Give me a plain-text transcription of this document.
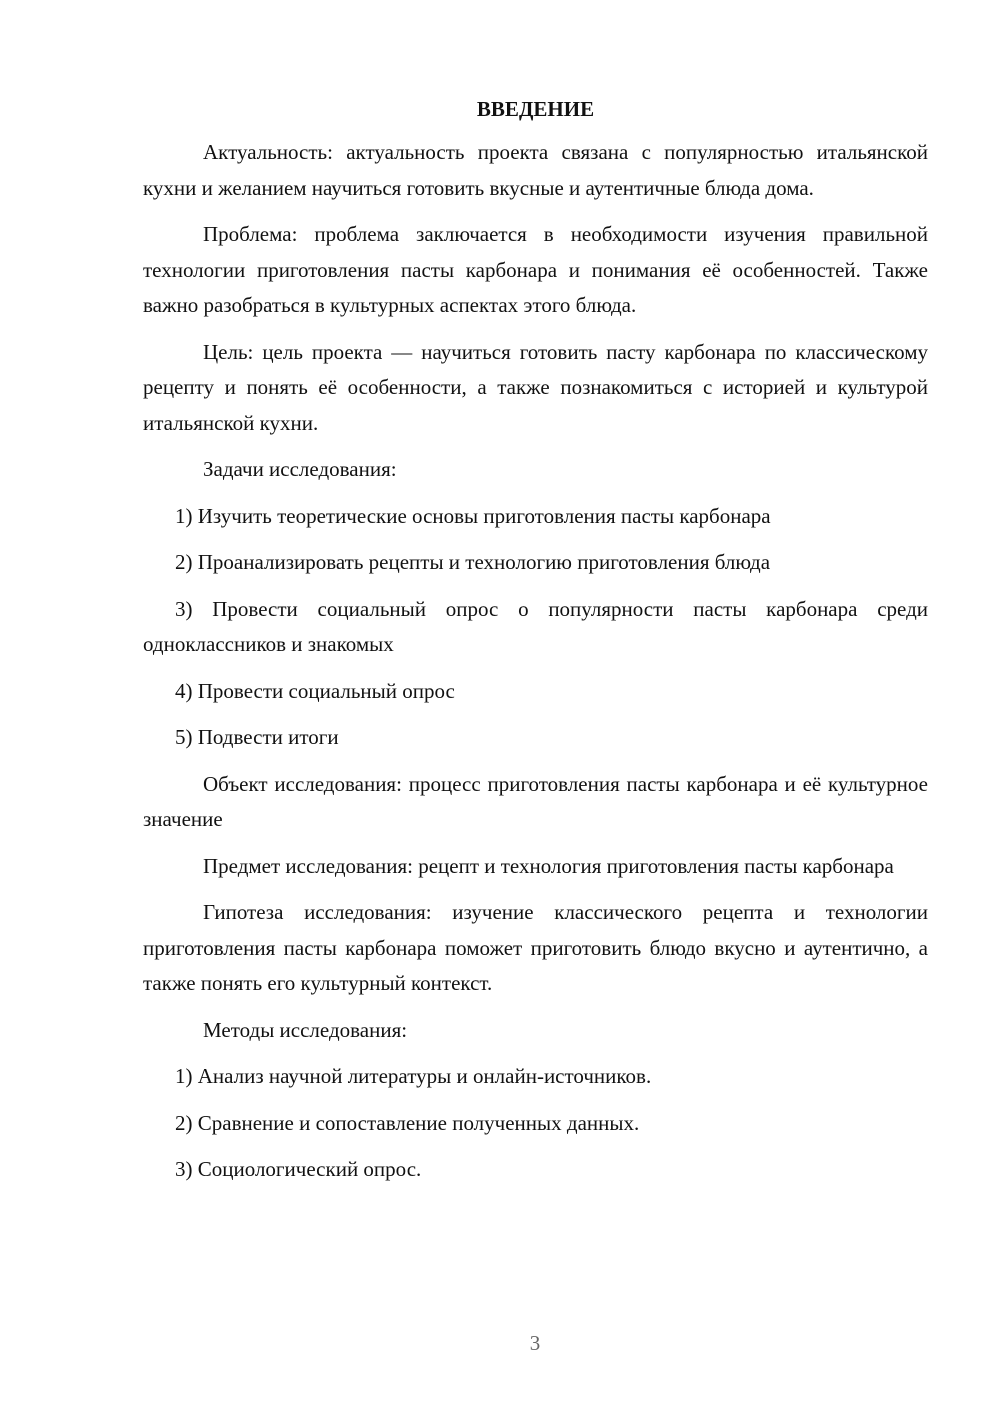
ВВЕДЕНИЕ

Актуальность: актуальность проекта связана с популярностью итальянской кухни и желанием научиться готовить вкусные и аутентичные блюда дома.

Проблема: проблема заключается в необходимости изучения правильной технологии приготовления пасты карбонара и понимания её особенностей. Также важно разобраться в культурных аспектах этого блюда.

Цель: цель проекта — научиться готовить пасту карбонара по классическому рецепту и понять её особенности, а также познакомиться с историей и культурой итальянской кухни.

Задачи исследования:

1) Изучить теоретические основы приготовления пасты карбонара

2) Проанализировать рецепты и технологию приготовления блюда

3) Провести социальный опрос о популярности пасты карбонара среди одноклассников и знакомых

4) Провести социальный опрос

5) Подвести итоги

Объект исследования: процесс приготовления пасты карбонара и её культурное значение

Предмет исследования: рецепт и технология приготовления пасты карбонара

Гипотеза исследования: изучение классического рецепта и технологии приготовления пасты карбонара поможет приготовить блюдо вкусно и аутентично, а также понять его культурный контекст.

Методы исследования:

1) Анализ научной литературы и онлайн-источников.

2) Сравнение и сопоставление полученных данных.

3) Социологический опрос.

3
